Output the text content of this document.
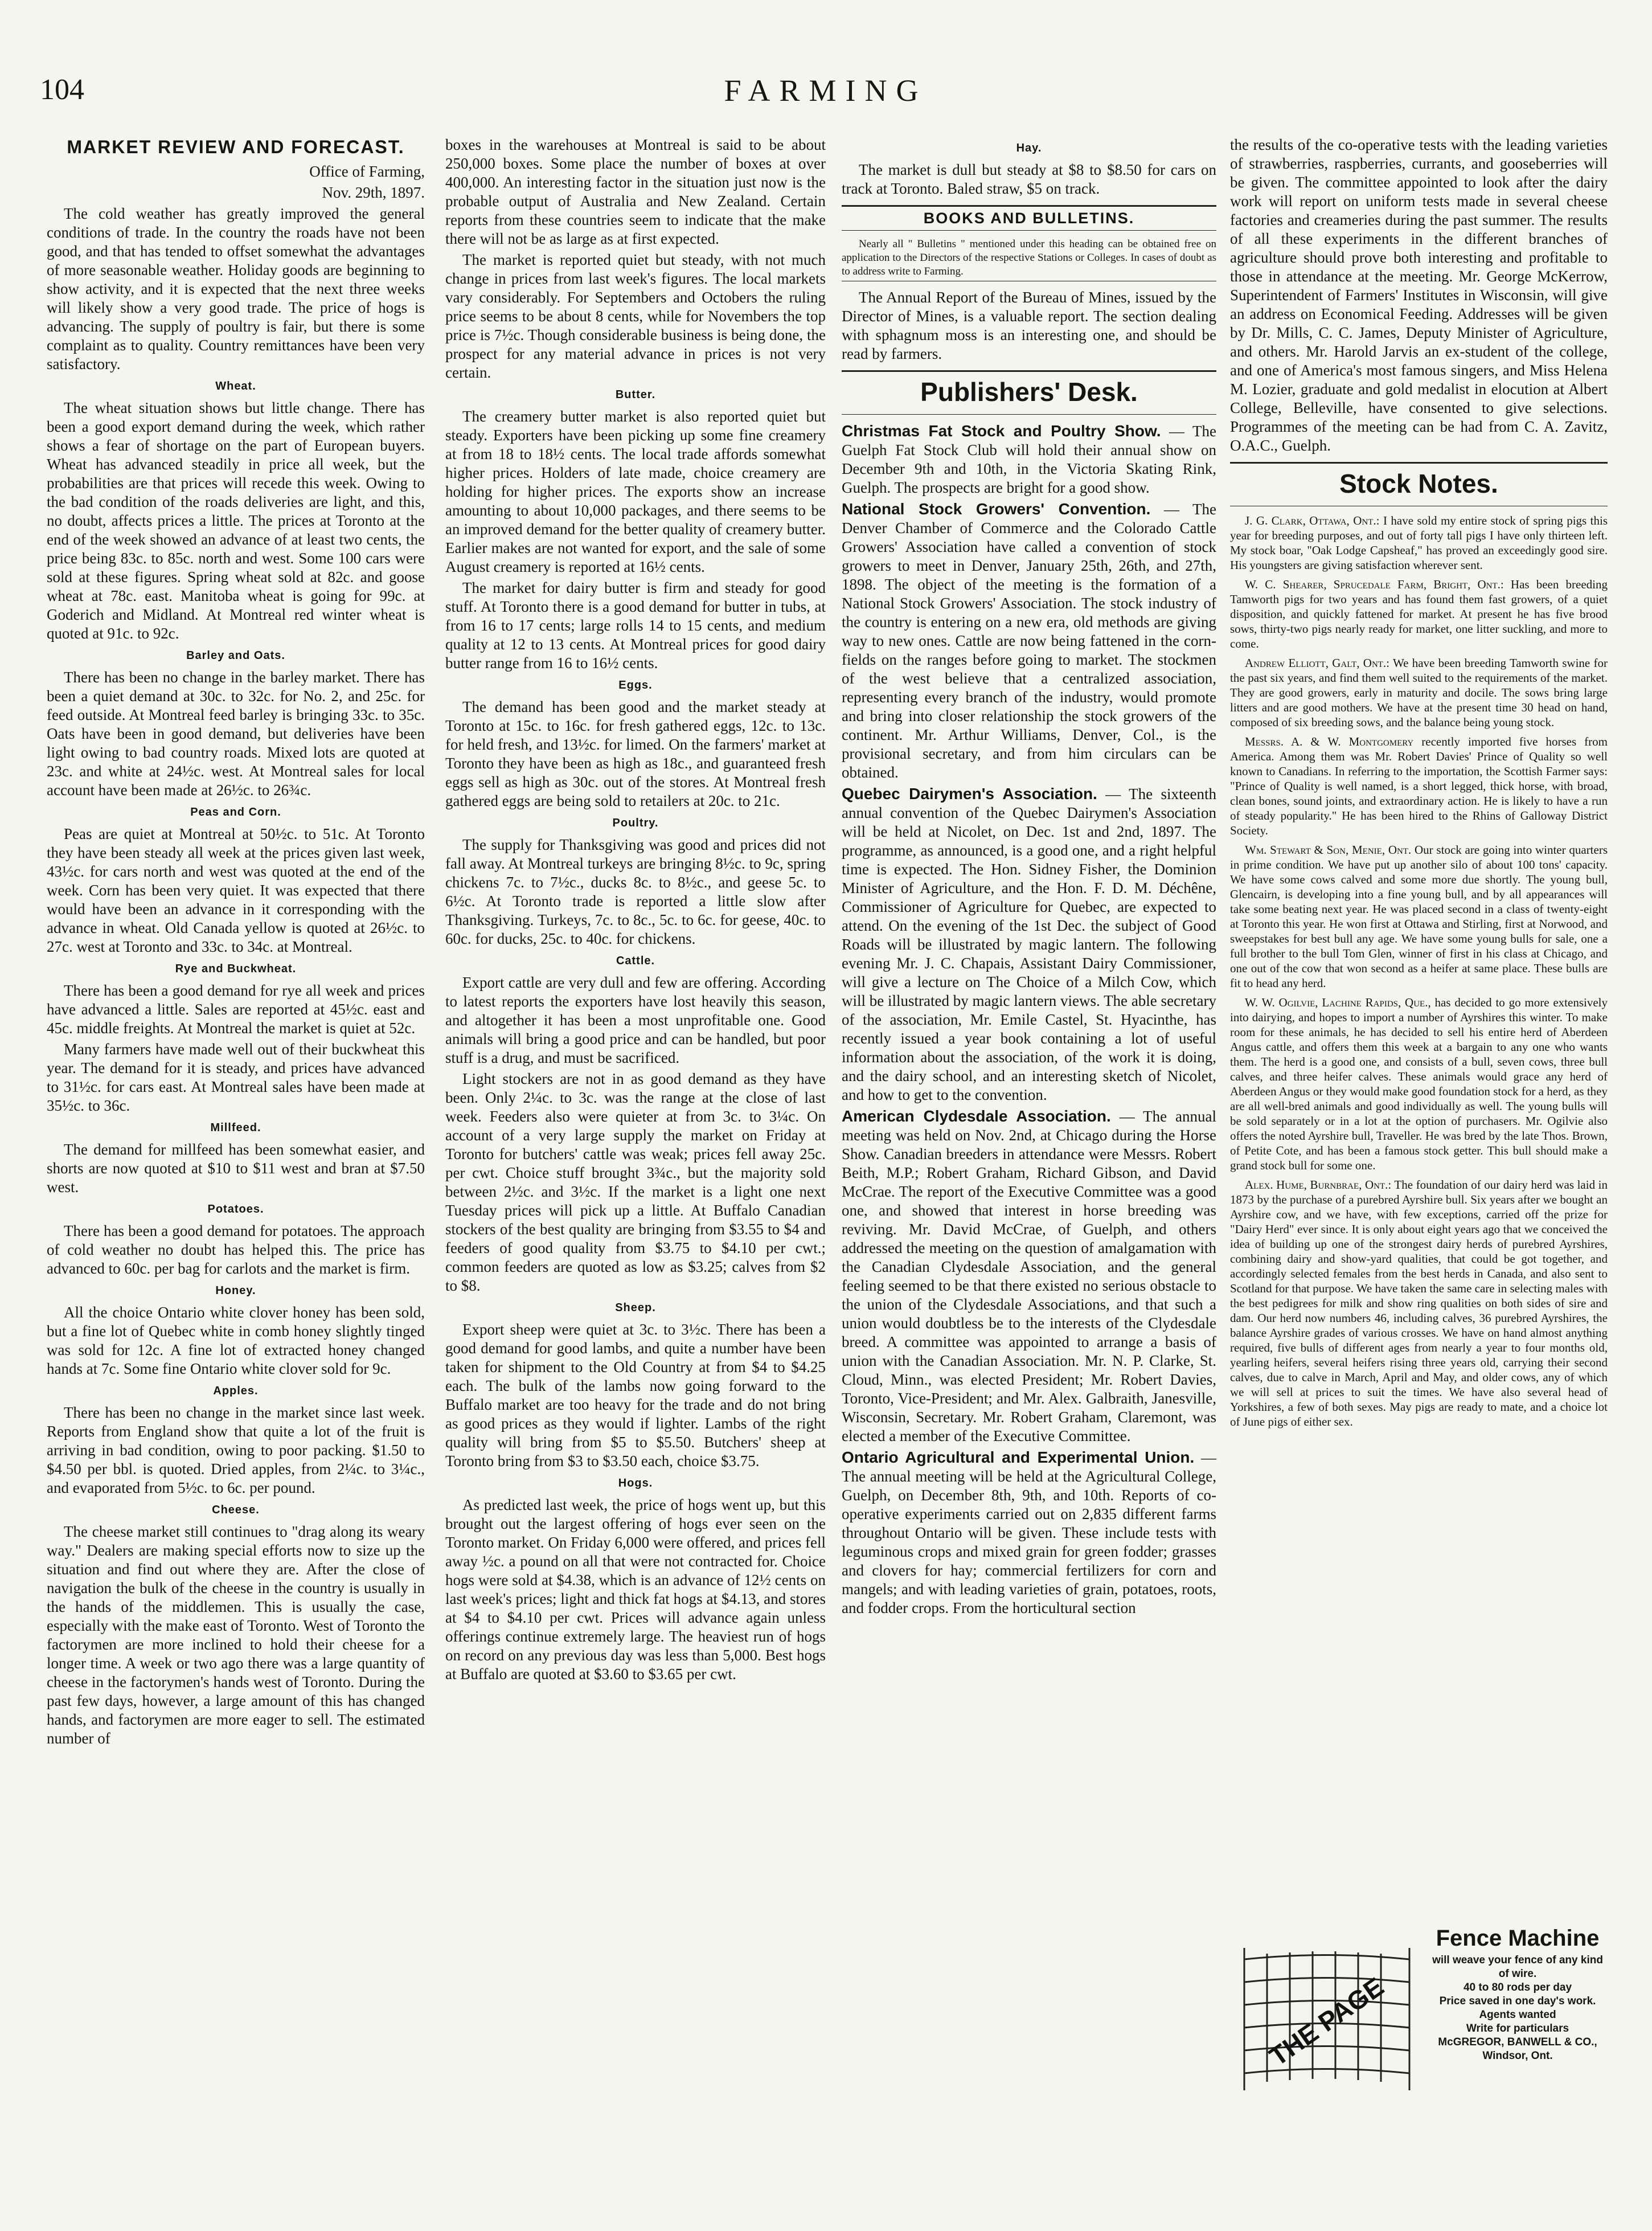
104	FARMING
MARKET REVIEW AND FORECAST.

Office of Farming,

Nov. 29th, 1897.

The cold weather has greatly improved the general conditions of trade. In the country the roads have not been good, and that has tended to offset somewhat the advantages of more seasonable weather. Holiday goods are beginning to show activity, and it is expected that the next three weeks will likely show a very good trade. The price of hogs is advancing. The supply of poultry is fair, but there is some complaint as to quality. Country remittances have been very satisfactory.

Wheat.

The wheat situation shows but little change. There has been a good export demand during the week, which rather shows a fear of shortage on the part of European buyers. Wheat has advanced steadily in price all week, but the probabilities are that prices will recede this week. Owing to the bad condition of the roads deliveries are light, and this, no doubt, affects prices a little. The prices at Toronto at the end of the week showed an advance of at least two cents, the price being 83c. to 85c. north and west. Some 100 cars were sold at these figures. Spring wheat sold at 82c. and goose wheat at 78c. east. Manitoba wheat is going for 99c. at Goderich and Midland. At Montreal red winter wheat is quoted at 91c. to 92c.

Barley and Oats.

There has been no change in the barley market. There has been a quiet demand at 30c. to 32c. for No. 2, and 25c. for feed outside. At Montreal feed barley is bringing 33c. to 35c. Oats have been in good demand, but deliveries have been light owing to bad country roads. Mixed lots are quoted at 23c. and white at 24½c. west. At Montreal sales for local account have been made at 26½c. to 26¾c.

Peas and Corn.

Peas are quiet at Montreal at 50½c. to 51c. At Toronto they have been steady all week at the prices given last week, 43½c. for cars north and west was quoted at the end of the week. Corn has been very quiet. It was expected that there would have been an advance in it corresponding with the advance in wheat. Old Canada yellow is quoted at 26½c. to 27c. west at Toronto and 33c. to 34c. at Montreal.

Rye and Buckwheat.

There has been a good demand for rye all week and prices have advanced a little. Sales are reported at 45½c. east and 45c. middle freights. At Montreal the market is quiet at 52c.

Many farmers have made well out of their buckwheat this year. The demand for it is steady, and prices have advanced to 31½c. for cars east. At Montreal sales have been made at 35½c. to 36c.

Millfeed.

The demand for millfeed has been somewhat easier, and shorts are now quoted at $10 to $11 west and bran at $7.50 west.

Potatoes.

There has been a good demand for potatoes. The approach of cold weather no doubt has helped this. The price has advanced to 60c. per bag for carlots and the market is firm.

Honey.

All the choice Ontario white clover honey has been sold, but a fine lot of Quebec white in comb honey slightly tinged was sold for 12c. A fine lot of extracted honey changed hands at 7c. Some fine Ontario white clover sold for 9c.

Apples.

There has been no change in the market since last week. Reports from England show that quite a lot of the fruit is arriving in bad condition, owing to poor packing. $1.50 to $4.50 per bbl. is quoted. Dried apples, from 2¼c. to 3¼c., and evaporated from 5½c. to 6c. per pound.

Cheese.

The cheese market still continues to "drag along its weary way." Dealers are making special efforts now to size up the situation and find out where they are. After the close of navigation the bulk of the cheese in the country is usually in the hands of the middlemen. This is usually the case, especially with the make east of Toronto. West of Toronto the factorymen are more inclined to hold their cheese for a longer time. A week or two ago there was a large quantity of cheese in the factorymen's hands west of Toronto. During the past few days, however, a large amount of this has changed hands, and factorymen are more eager to sell. The estimated number of

boxes in the warehouses at Montreal is said to be about 250,000 boxes. Some place the number of boxes at over 400,000. An interesting factor in the situation just now is the probable output of Australia and New Zealand. Certain reports from these countries seem to indicate that the make there will not be as large as at first expected.

The market is reported quiet but steady, with not much change in prices from last week's figures. The local markets vary considerably. For Septembers and Octobers the ruling price seems to be about 8 cents, while for Novembers the top price is 7½c. Though considerable business is being done, the prospect for any material advance in prices is not very certain.

Butter.

The creamery butter market is also reported quiet but steady. Exporters have been picking up some fine creamery at from 18 to 18½ cents. The local trade affords somewhat higher prices. Holders of late made, choice creamery are holding for higher prices. The exports show an increase amounting to about 10,000 packages, and there seems to be an improved demand for the better quality of creamery butter. Earlier makes are not wanted for export, and the sale of some August creamery is reported at 16½ cents.

The market for dairy butter is firm and steady for good stuff. At Toronto there is a good demand for butter in tubs, at from 16 to 17 cents; large rolls 14 to 15 cents, and medium quality at 12 to 13 cents. At Montreal prices for good dairy butter range from 16 to 16½ cents.

Eggs.

The demand has been good and the market steady at Toronto at 15c. to 16c. for fresh gathered eggs, 12c. to 13c. for held fresh, and 13½c. for limed. On the farmers' market at Toronto they have been as high as 18c., and guaranteed fresh eggs sell as high as 30c. out of the stores. At Montreal fresh gathered eggs are being sold to retailers at 20c. to 21c.

Poultry.

The supply for Thanksgiving was good and prices did not fall away. At Montreal turkeys are bringing 8½c. to 9c, spring chickens 7c. to 7½c., ducks 8c. to 8½c., and geese 5c. to 6½c. At Toronto trade is reported a little slow after Thanksgiving. Turkeys, 7c. to 8c., 5c. to 6c. for geese, 40c. to 60c. for ducks, 25c. to 40c. for chickens.

Cattle.

Export cattle are very dull and few are offering. According to latest reports the exporters have lost heavily this season, and altogether it has been a most unprofitable one. Good animals will bring a good price and can be handled, but poor stuff is a drug, and must be sacrificed.

Light stockers are not in as good demand as they have been. Only 2¼c. to 3c. was the range at the close of last week. Feeders also were quieter at from 3c. to 3¼c. On account of a very large supply the market on Friday at Toronto for butchers' cattle was weak; prices fell away 25c. per cwt. Choice stuff brought 3¾c., but the majority sold between 2½c. and 3½c. If the market is a light one next Tuesday prices will pick up a little. At Buffalo Canadian stockers of the best quality are bringing from $3.55 to $4 and feeders of good quality from $3.75 to $4.10 per cwt.; common feeders are quoted as low as $3.25; calves from $2 to $8.

Sheep.

Export sheep were quiet at 3c. to 3½c. There has been a good demand for good lambs, and quite a number have been taken for shipment to the Old Country at from $4 to $4.25 each. The bulk of the lambs now going forward to the Buffalo market are too heavy for the trade and do not bring as good prices as they would if lighter. Lambs of the right quality will bring from $5 to $5.50. Butchers' sheep at Toronto bring from $3 to $3.50 each, choice $3.75.

Hogs.

As predicted last week, the price of hogs went up, but this brought out the largest offering of hogs ever seen on the Toronto market. On Friday 6,000 were offered, and prices fell away ½c. a pound on all that were not contracted for. Choice hogs were sold at $4.38, which is an advance of 12½ cents on last week's prices; light and thick fat hogs at $4.13, and stores at $4 to $4.10 per cwt. Prices will advance again unless offerings continue extremely large. The heaviest run of hogs on record on any previous day was less than 5,000. Best hogs at Buffalo are quoted at $3.60 to $3.65 per cwt.

Hay.

The market is dull but steady at $8 to $8.50 for cars on track at Toronto. Baled straw, $5 on track.

BOOKS AND BULLETINS.

Nearly all " Bulletins " mentioned under this heading can be obtained free on application to the Directors of the respective Stations or Colleges. In cases of doubt as to address write to Farming.

The Annual Report of the Bureau of Mines, issued by the Director of Mines, is a valuable report. The section dealing with sphagnum moss is an interesting one, and should be read by farmers.

Publishers' Desk.

Christmas Fat Stock and Poultry Show. — The Guelph Fat Stock Club will hold their annual show on December 9th and 10th, in the Victoria Skating Rink, Guelph. The prospects are bright for a good show.

National Stock Growers' Convention. — The Denver Chamber of Commerce and the Colorado Cattle Growers' Association have called a convention of stock growers to meet in Denver, January 25th, 26th, and 27th, 1898. The object of the meeting is the formation of a National Stock Growers' Association. The stock industry of the country is entering on a new era, old methods are giving way to new ones. Cattle are now being fattened in the corn-fields on the ranges before going to market. The stockmen of the west believe that a centralized association, representing every branch of the industry, would promote and bring into closer relationship the stock growers of the continent. Mr. Arthur Williams, Denver, Col., is the provisional secretary, and from him circulars can be obtained.

Quebec Dairymen's Association. — The sixteenth annual convention of the Quebec Dairymen's Association will be held at Nicolet, on Dec. 1st and 2nd, 1897. The programme, as announced, is a good one, and a right helpful time is expected. The Hon. Sidney Fisher, the Dominion Minister of Agriculture, and the Hon. F. D. M. Déchêne, Commissioner of Agriculture for Quebec, are expected to attend. On the evening of the 1st Dec. the subject of Good Roads will be illustrated by magic lantern. The following evening Mr. J. C. Chapais, Assistant Dairy Commissioner, will give a lecture on The Choice of a Milch Cow, which will be illustrated by magic lantern views. The able secretary of the association, Mr. Emile Castel, St. Hyacinthe, has recently issued a year book containing a lot of useful information about the association, of the work it is doing, and the dairy school, and an interesting sketch of Nicolet, and how to get to the convention.

American Clydesdale Association. — The annual meeting was held on Nov. 2nd, at Chicago during the Horse Show. Canadian breeders in attendance were Messrs. Robert Beith, M.P.; Robert Graham, Richard Gibson, and David McCrae. The report of the Executive Committee was a good one, and showed that interest in horse breeding was reviving. Mr. David McCrae, of Guelph, and others addressed the meeting on the question of amalgamation with the Canadian Clydesdale Association, and the general feeling seemed to be that there existed no serious obstacle to the union of the Clydesdale Associations, and that such a union would doubtless be to the interests of the Clydesdale breed. A committee was appointed to arrange a basis of union with the Canadian Association. Mr. N. P. Clarke, St. Cloud, Minn., was elected President; Mr. Robert Davies, Toronto, Vice-President; and Mr. Alex. Galbraith, Janesville, Wisconsin, Secretary. Mr. Robert Graham, Claremont, was elected a member of the Executive Committee.

Ontario Agricultural and Experimental Union. — The annual meeting will be held at the Agricultural College, Guelph, on December 8th, 9th, and 10th. Reports of co-operative experiments carried out on 2,835 different farms throughout Ontario will be given. These include tests with leguminous crops and mixed grain for green fodder; grasses and clovers for hay; commercial fertilizers for corn and mangels; and with leading varieties of grain, potatoes, roots, and fodder crops. From the horticultural section

the results of the co-operative tests with the leading varieties of strawberries, raspberries, currants, and gooseberries will be given. The committee appointed to look after the dairy work will report on uniform tests made in several cheese factories and creameries during the past summer. The results of all these experiments in the different branches of agriculture should prove both interesting and profitable to those in attendance at the meeting. Mr. George McKerrow, Superintendent of Farmers' Institutes in Wisconsin, will give an address on Economical Feeding. Addresses will be given by Dr. Mills, C. C. James, Deputy Minister of Agriculture, and others. Mr. Harold Jarvis an ex-student of the college, and one of America's most famous singers, and Miss Helena M. Lozier, graduate and gold medalist in elocution at Albert College, Belleville, have consented to give selections. Programmes of the meeting can be had from C. A. Zavitz, O.A.C., Guelph.

Stock Notes.

J. G. Clark, Ottawa, Ont.: I have sold my entire stock of spring pigs this year for breeding purposes, and out of forty tall pigs I have only thirteen left. My stock boar, "Oak Lodge Capsheaf," has proved an exceedingly good sire. His youngsters are giving satisfaction wherever sent.

W. C. Shearer, Sprucedale Farm, Bright, Ont.: Has been breeding Tamworth pigs for two years and has found them fast growers, of a quiet disposition, and quickly fattened for market. At present he has five brood sows, thirty-two pigs nearly ready for market, one litter suckling, and more to come.

Andrew Elliott, Galt, Ont.: We have been breeding Tamworth swine for the past six years, and find them well suited to the requirements of the market. They are good growers, early in maturity and docile. The sows bring large litters and are good mothers. We have at the present time 30 head on hand, composed of six breeding sows, and the balance being young stock.

Messrs. A. & W. Montgomery recently imported five horses from America. Among them was Mr. Robert Davies' Prince of Quality so well known to Canadians. In referring to the importation, the Scottish Farmer says: "Prince of Quality is well named, is a short legged, thick horse, with broad, clean bones, sound joints, and extraordinary action. He is likely to have a run of steady popularity." He has been hired to the Rhins of Galloway District Society.

Wm. Stewart & Son, Menie, Ont. Our stock are going into winter quarters in prime condition. We have put up another silo of about 100 tons' capacity. We have some cows calved and some more due shortly. The young bull, Glencairn, is developing into a fine young bull, and by all appearances will take some beating next year. He was placed second in a class of twenty-eight at Toronto this year. He won first at Ottawa and Stirling, first at Norwood, and sweepstakes for best bull any age. We have some young bulls for sale, one a full brother to the bull Tom Glen, winner of first in his class at Chicago, and one out of the cow that won second as a heifer at same place. These bulls are fit to head any herd.

W. W. Ogilvie, Lachine Rapids, Que., has decided to go more extensively into dairying, and hopes to import a number of Ayrshires this winter. To make room for these animals, he has decided to sell his entire herd of Aberdeen Angus cattle, and offers them this week at a bargain to any one who wants them. The herd is a good one, and consists of a bull, seven cows, three bull calves, and three heifer calves. These animals would grace any herd of Aberdeen Angus or they would make good foundation stock for a herd, as they are all well-bred animals and good individually as well. The young bulls will be sold separately or in a lot at the option of purchasers. Mr. Ogilvie also offers the noted Ayrshire bull, Traveller. He was bred by the late Thos. Brown, of Petite Cote, and has been a famous stock getter. This bull should make a grand stock bull for some one.

Alex. Hume, Burnbrae, Ont.: The foundation of our dairy herd was laid in 1873 by the purchase of a purebred Ayrshire bull. Six years after we bought an Ayrshire cow, and we have, with few exceptions, carried off the prize for "Dairy Herd" ever since. It is only about eight years ago that we conceived the idea of building up one of the strongest dairy herds of purebred Ayrshires, combining dairy and show-yard qualities, that could be got together, and accordingly selected females from the best herds in Canada, and also sent to Scotland for that purpose. We have taken the same care in selecting males with the best pedigrees for milk and show ring qualities on both sides of sire and dam. Our herd now numbers 46, including calves, 36 purebred Ayrshires, the balance Ayrshire grades of various crosses. We have on hand almost anything required, five bulls of different ages from nearly a year to four months old, yearling heifers, several heifers rising three years old, carrying their second calves, due to calve in March, April and May, and older cows, any of which we will sell at prices to suit the times. We have also several head of Yorkshires, a few of both sexes. May pigs are ready to mate, and a choice lot of June pigs of either sex.

THE PAGE
Fence Machine
will weave your fence of any kind of wire.
40 to 80 rods per day
Price saved in one day's work.
Agents wanted
Write for particulars
McGREGOR, BANWELL & CO.,
Windsor, Ont.
